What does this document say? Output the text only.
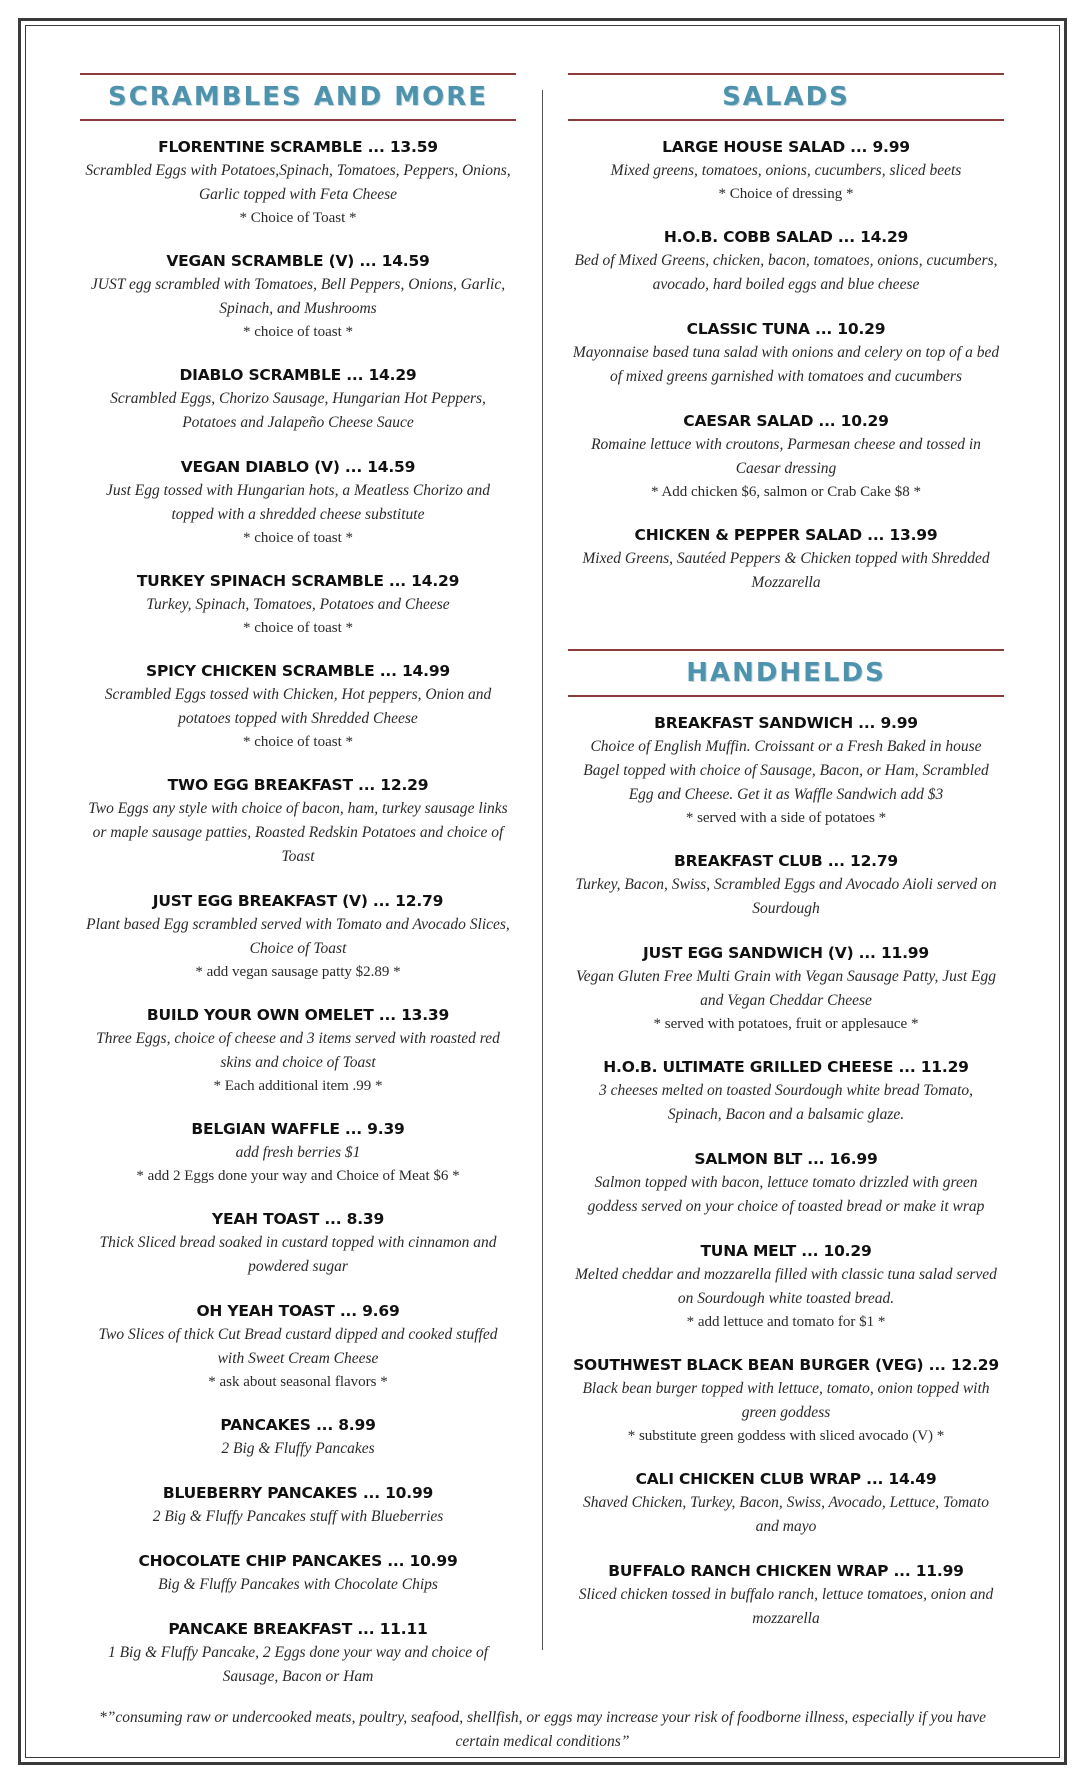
SCRAMBLES AND MORE
FLORENTINE SCRAMBLE ... 13.59
Scrambled Eggs with Potatoes,Spinach, Tomatoes, Peppers, Onions, Garlic topped with Feta Cheese
* Choice of Toast *
VEGAN SCRAMBLE (V) ... 14.59
JUST egg scrambled with Tomatoes, Bell Peppers, Onions, Garlic, Spinach, and Mushrooms
* choice of toast *
DIABLO SCRAMBLE ... 14.29
Scrambled Eggs, Chorizo Sausage, Hungarian Hot Peppers, Potatoes and Jalapeño Cheese Sauce
VEGAN DIABLO (V) ... 14.59
Just Egg tossed with Hungarian hots, a Meatless Chorizo and topped with a shredded cheese substitute
* choice of toast *
TURKEY SPINACH SCRAMBLE ... 14.29
Turkey, Spinach, Tomatoes, Potatoes and Cheese
* choice of toast *
SPICY CHICKEN SCRAMBLE ... 14.99
Scrambled Eggs tossed with Chicken, Hot peppers, Onion and potatoes topped with Shredded Cheese
* choice of toast *
TWO EGG BREAKFAST ... 12.29
Two Eggs any style with choice of bacon, ham, turkey sausage links or maple sausage patties, Roasted Redskin Potatoes and choice of Toast
JUST EGG BREAKFAST (V) ... 12.79
Plant based Egg scrambled served with Tomato and Avocado Slices, Choice of Toast
* add vegan sausage patty $2.89 *
BUILD YOUR OWN OMELET ... 13.39
Three Eggs, choice of cheese and 3 items served with roasted red skins and choice of Toast
* Each additional item .99 *
BELGIAN WAFFLE ... 9.39
add fresh berries $1
* add 2 Eggs done your way and Choice of Meat $6 *
YEAH TOAST ... 8.39
Thick Sliced bread soaked in custard topped with cinnamon and powdered sugar
OH YEAH TOAST ... 9.69
Two Slices of thick Cut Bread custard dipped and cooked stuffed with Sweet Cream Cheese
* ask about seasonal flavors *
PANCAKES ... 8.99
2 Big & Fluffy Pancakes
BLUEBERRY PANCAKES ... 10.99
2 Big & Fluffy Pancakes stuff with Blueberries
CHOCOLATE CHIP PANCAKES ... 10.99
Big & Fluffy Pancakes with Chocolate Chips
PANCAKE BREAKFAST ... 11.11
1 Big & Fluffy Pancake, 2 Eggs done your way and choice of Sausage, Bacon or Ham
SALADS
LARGE HOUSE SALAD ... 9.99
Mixed greens, tomatoes, onions, cucumbers, sliced beets
* Choice of dressing *
H.O.B. COBB SALAD ... 14.29
Bed of Mixed Greens, chicken, bacon, tomatoes, onions, cucumbers, avocado, hard boiled eggs and blue cheese
CLASSIC TUNA ... 10.29
Mayonnaise based tuna salad with onions and celery on top of a bed of mixed greens garnished with tomatoes and cucumbers
CAESAR SALAD ... 10.29
Romaine lettuce with croutons, Parmesan cheese and tossed in Caesar dressing
* Add chicken $6, salmon or Crab Cake $8 *
CHICKEN & PEPPER SALAD ... 13.99
Mixed Greens, Sautéed Peppers & Chicken topped with Shredded Mozzarella
HANDHELDS
BREAKFAST SANDWICH ... 9.99
Choice of English Muffin. Croissant or a Fresh Baked in house Bagel topped with choice of Sausage, Bacon, or Ham, Scrambled Egg and Cheese. Get it as Waffle Sandwich add $3
* served with a side of potatoes *
BREAKFAST CLUB ... 12.79
Turkey, Bacon, Swiss, Scrambled Eggs and Avocado Aioli served on Sourdough
JUST EGG SANDWICH (V) ... 11.99
Vegan Gluten Free Multi Grain with Vegan Sausage Patty, Just Egg and Vegan Cheddar Cheese
* served with potatoes, fruit or applesauce *
H.O.B. ULTIMATE GRILLED CHEESE ... 11.29
3 cheeses melted on toasted Sourdough white bread Tomato, Spinach, Bacon and a balsamic glaze.
SALMON BLT ... 16.99
Salmon topped with bacon, lettuce tomato drizzled with green goddess served on your choice of toasted bread or make it wrap
TUNA MELT ... 10.29
Melted cheddar and mozzarella filled with classic tuna salad served on Sourdough white toasted bread.
* add lettuce and tomato for $1 *
SOUTHWEST BLACK BEAN BURGER (VEG) ... 12.29
Black bean burger topped with lettuce, tomato, onion topped with green goddess
* substitute green goddess with sliced avocado (V) *
CALI CHICKEN CLUB WRAP ... 14.49
Shaved Chicken, Turkey, Bacon, Swiss, Avocado, Lettuce, Tomato and mayo
BUFFALO RANCH CHICKEN WRAP ... 11.99
Sliced chicken tossed in buffalo ranch, lettuce tomatoes, onion and mozzarella
*”consuming raw or undercooked meats, poultry, seafood, shellfish, or eggs may increase your risk of foodborne illness, especially if you have certain medical conditions”
